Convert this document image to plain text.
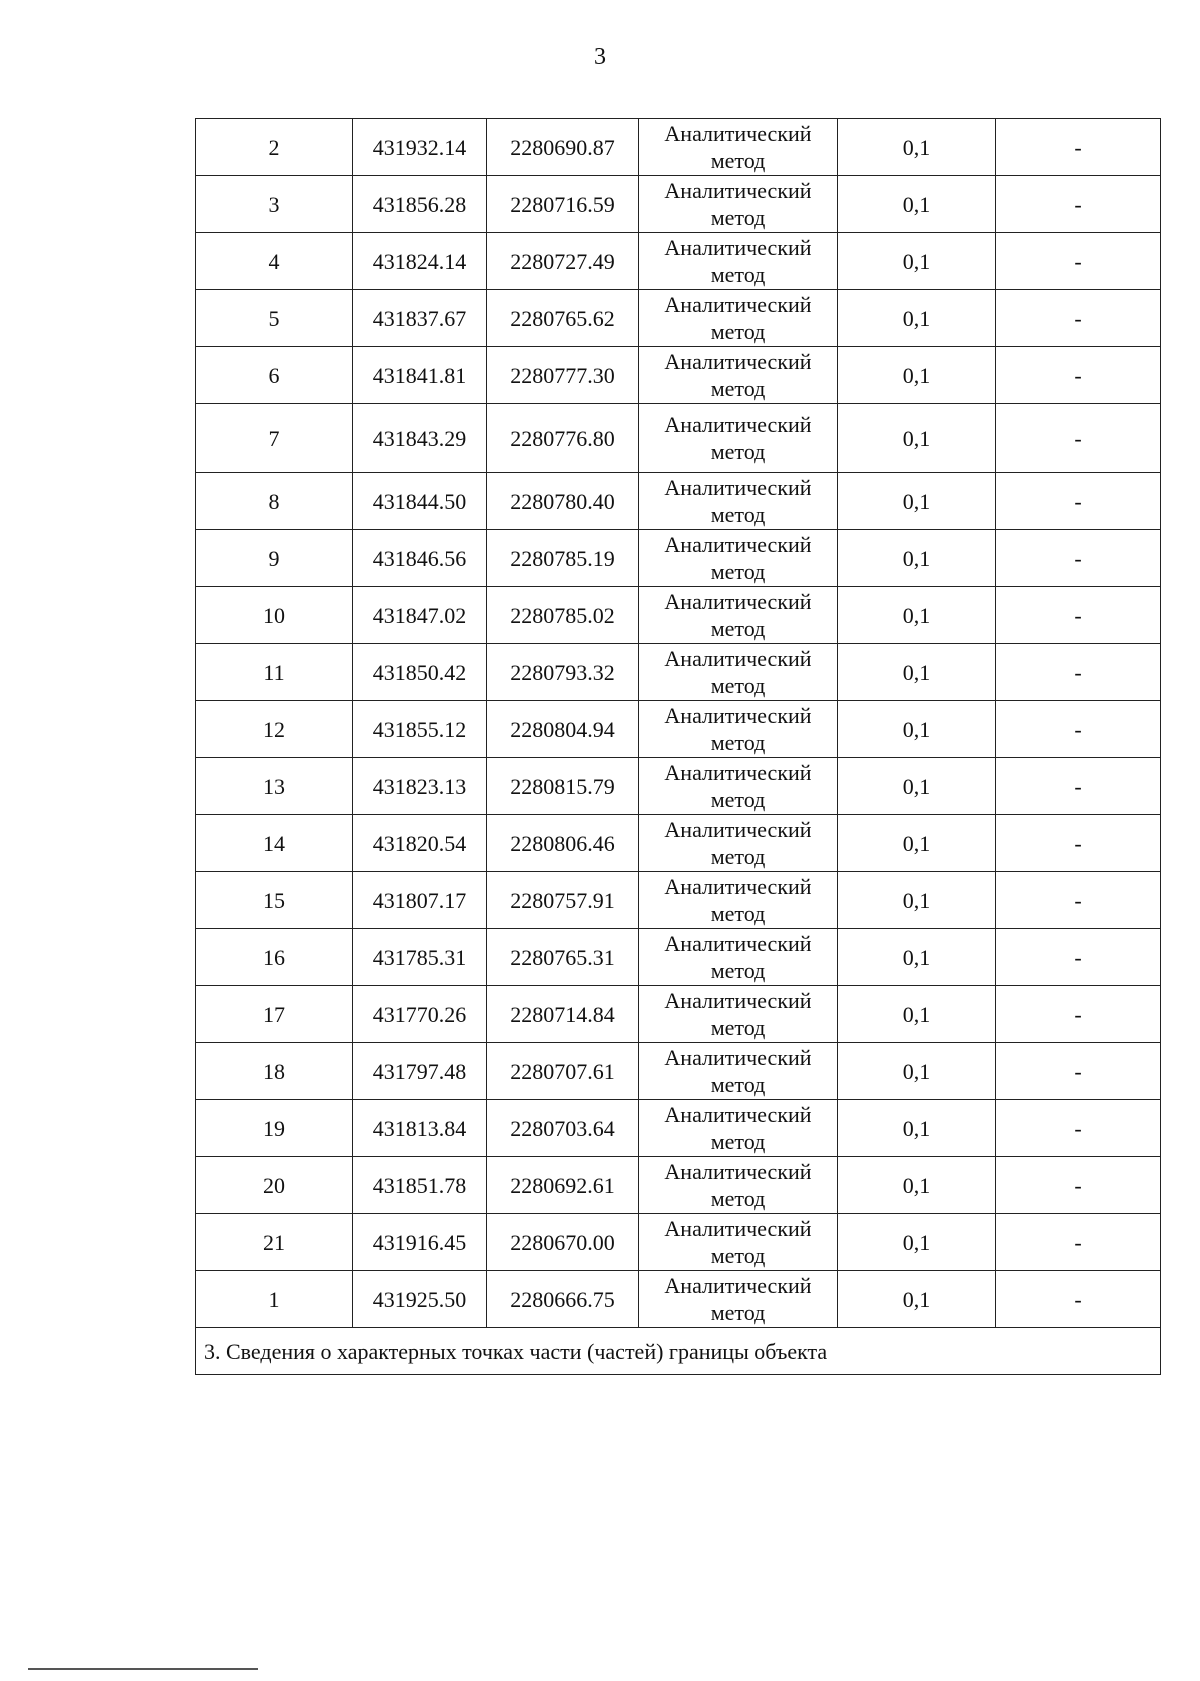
3
2	431932.14	2280690.87	Аналитический метод	0,1	-
3	431856.28	2280716.59	Аналитический метод	0,1	-
4	431824.14	2280727.49	Аналитический метод	0,1	-
5	431837.67	2280765.62	Аналитический метод	0,1	-
6	431841.81	2280777.30	Аналитический метод	0,1	-
7	431843.29	2280776.80	Аналитический метод	0,1	-
8	431844.50	2280780.40	Аналитический метод	0,1	-
9	431846.56	2280785.19	Аналитический метод	0,1	-
10	431847.02	2280785.02	Аналитический метод	0,1	-
11	431850.42	2280793.32	Аналитический метод	0,1	-
12	431855.12	2280804.94	Аналитический метод	0,1	-
13	431823.13	2280815.79	Аналитический метод	0,1	-
14	431820.54	2280806.46	Аналитический метод	0,1	-
15	431807.17	2280757.91	Аналитический метод	0,1	-
16	431785.31	2280765.31	Аналитический метод	0,1	-
17	431770.26	2280714.84	Аналитический метод	0,1	-
18	431797.48	2280707.61	Аналитический метод	0,1	-
19	431813.84	2280703.64	Аналитический метод	0,1	-
20	431851.78	2280692.61	Аналитический метод	0,1	-
21	431916.45	2280670.00	Аналитический метод	0,1	-
1	431925.50	2280666.75	Аналитический метод	0,1	-
3. Сведения о характерных точках части (частей) границы объекта					
